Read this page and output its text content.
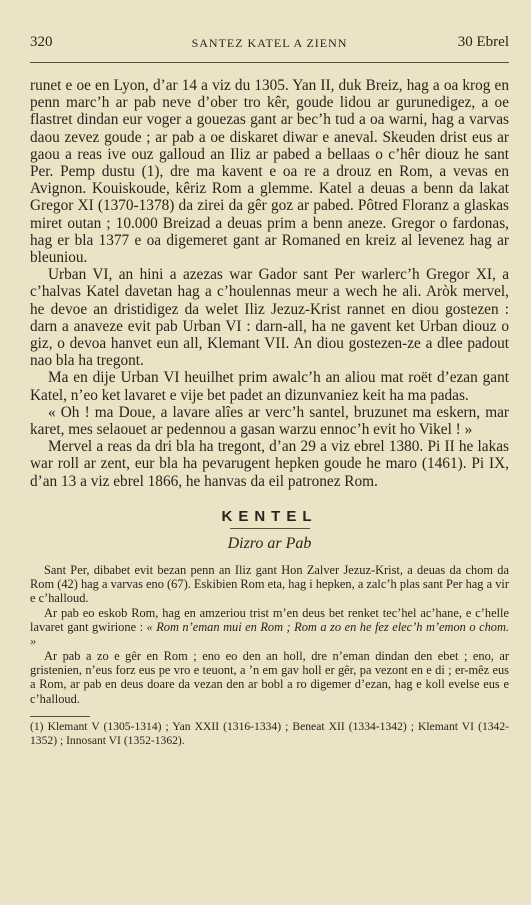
320	SANTEZ KATEL A ZIENN	30 Ebrel

runet e oe en Lyon, d’ar 14 a viz du 1305. Yan II, duk Breiz, hag a oa krog en penn marc’h ar pab neve d’ober tro kêr, goude lidou ar gurunedigez, a oe flastret dindan eur voger a gouezas gant ar bec’h tud a oa warni, hag a varvas daou zevez goude ; ar pab a oe diskaret diwar e aneval. Skeuden drist eus ar gaou a reas ive ouz galloud an Iliz ar pabed a bellaas o c’hêr diouz he sant Per. Pemp dustu (1), dre ma kavent e oa re a drouz en Rom, a vevas en Avignon. Kouiskoude, kêriz Rom a glemme. Katel a deuas a benn da lakat Gregor XI (1370-1378) da zirei da gêr goz ar pabed. Pôtred Floranz a glaskas miret outan ; 10.000 Breizad a deuas prim a benn aneze. Gregor o fardonas, hag er bla 1377 e oa digemeret gant ar Romaned en kreiz al levenez hag ar bleuniou.

Urban VI, an hini a azezas war Gador sant Per warlerc’h Gregor XI, a c’halvas Katel davetan hag a c’houlennas meur a wech he ali. Aròk mervel, he devoe an dristidigez da welet Iliz Jezuz-Krist rannet en diou gostezen : darn a anaveze evit pab Urban VI : darn-all, ha ne gavent ket Urban diouz o giz, o devoa hanvet eun all, Klemant VII. An diou gostezen-ze a dlee padout nao bla ha tregont.

Ma en dije Urban VI heuilhet prim awalc’h an aliou mat roët d’ezan gant Katel, n’eo ket lavaret e vije bet padet an dizunvaniez keit ha ma padas.

« Oh ! ma Doue, a lavare alîes ar verc’h santel, bruzunet ma eskern, mar karet, mes selaouet ar pedennou a gasan warzu ennoc’h evit ho Vikel ! »

Mervel a reas da dri bla ha tregont, d’an 29 a viz ebrel 1380. Pi II he lakas war roll ar zent, eur bla ha pevarugent hepken goude he maro (1461). Pi IX, d’an 13 a viz ebrel 1866, he hanvas da eil patronez Rom.

KENTEL
Dizro ar Pab

Sant Per, dibabet evit bezan penn an Iliz gant Hon Zalver Jezuz-Krist, a deuas da chom da Rom (42) hag a varvas eno (67). Eskibien Rom eta, hag i hepken, a zalc’h plas sant Per hag a vir e c’halloud.

Ar pab eo eskob Rom, hag en amzeriou trist m’en deus bet renket tec’hel ac’hane, e c’helle lavaret gant gwirione : « Rom n’eman mui en Rom ; Rom a zo en he fez elec’h m’emon o chom. »

Ar pab a zo e gêr en Rom ; eno eo den an holl, dre n’eman dindan den ebet ; eno, ar gristenien, n’eus forz eus pe vro e teuont, a ’n em gav holl er gêr, pa vezont en e di ; er-mêz eus a Rom, ar pab en deus doare da vezan den ar bobl a ro digemer d’ezan, hag e koll evelse eus e c’halloud.

(1) Klemant V (1305-1314) ; Yan XXII (1316-1334) ; Beneat XII (1334-1342) ; Klemant VI (1342-1352) ; Innosant VI (1352-1362).
